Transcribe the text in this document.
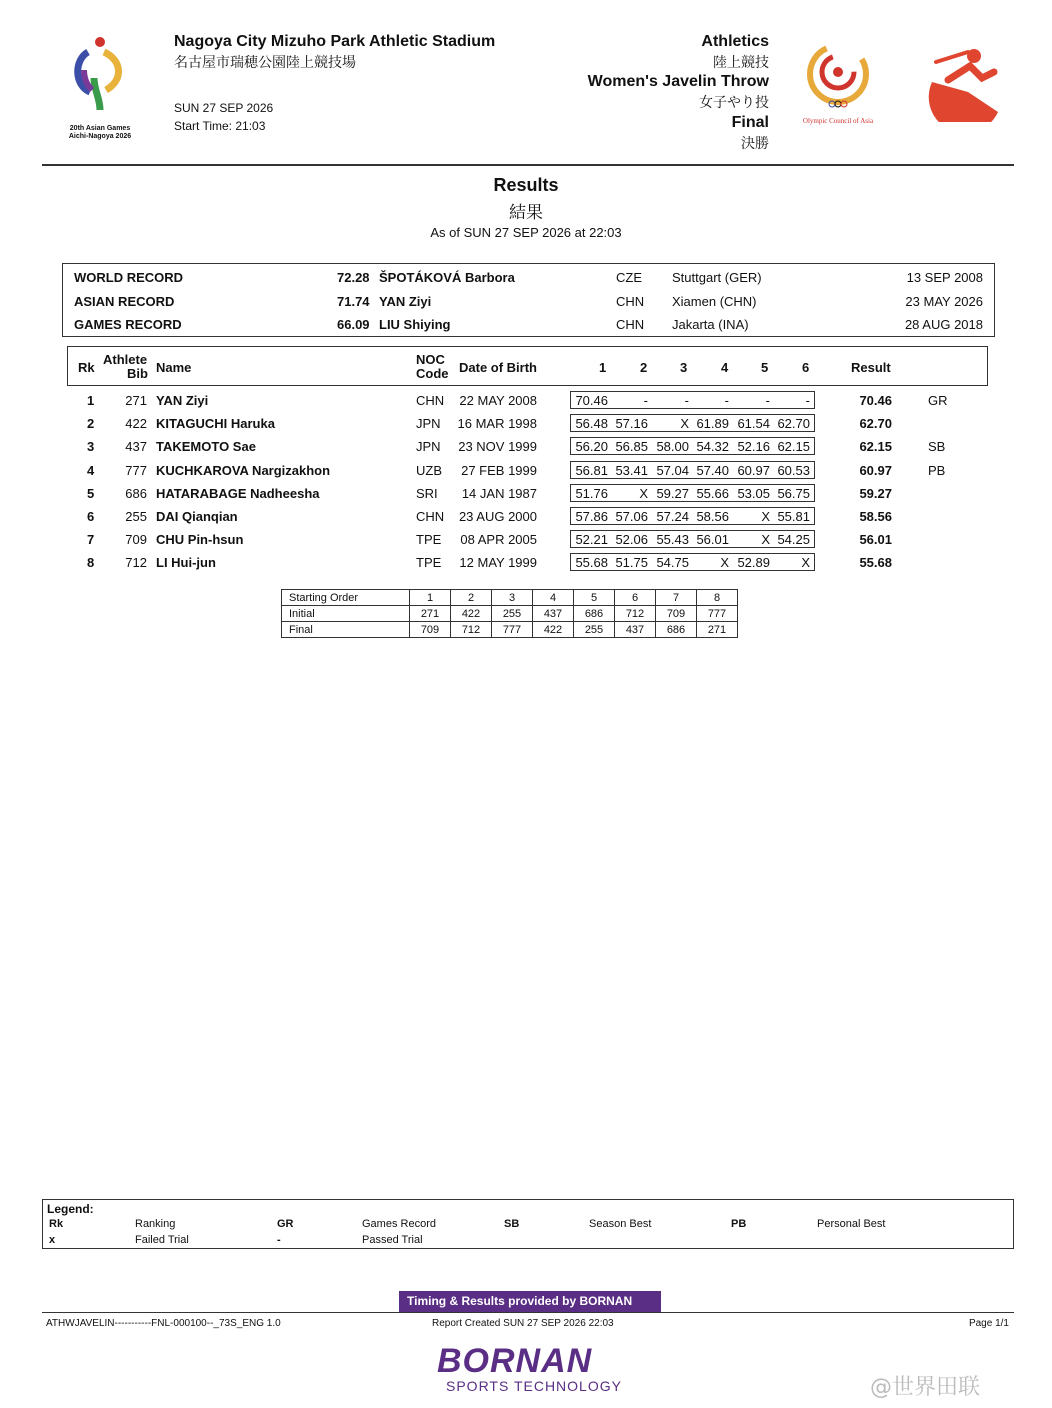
20th Asian Games Aichi-Nagoya 2026
Nagoya City Mizuho Park Athletic Stadium
名古屋市瑞穂公園陸上競技場
SUN 27 SEP 2026
Start Time: 21:03
Athletics
陸上競技
Women's Javelin Throw
女子やり投
Final
決勝
Olympic Council of Asia
Results
結果
As of SUN 27 SEP 2026 at 22:03
WORLD RECORD	72.28 ŠPOTÁKOVÁ Barbora	CZE Stuttgart (GER)	13 SEP 2008
ASIAN RECORD	71.74 YAN Ziyi	CHN Xiamen (CHN)	23 MAY 2026
GAMES RECORD	66.09 LIU Shiying	CHN Jakarta (INA)	28 AUG 2018
Rk
Athlete
Bib Name
NOC
Code Date of Birth	1	2	3	4	5	6	Result
1 271 YAN Ziyi	CHN 22 MAY 2008	70.46	-	-	-	-	-	70.46	GR
2 422 KITAGUCHI Haruka	JPN 16 MAR 1998	56.48 57.16 X 61.89 61.54 62.70	62.70
3 437 TAKEMOTO Sae	JPN 23 NOV 1999	56.20 56.85 58.00 54.32 52.16 62.15	62.15	SB
4 777 KUCHKAROVA Nargizakhon	UZB 27 FEB 1999	56.81 53.41 57.04 57.40 60.97 60.53	60.97	PB
5 686 HATARABAGE Nadheesha	SRI 14 JAN 1987	51.76 X 59.27 55.66 53.05 56.75	59.27
6 255 DAI Qianqian	CHN 23 AUG 2000	57.86 57.06 57.24 58.56 X 55.81	58.56
7 709 CHU Pin-hsun	TPE 08 APR 2005	52.21 52.06 55.43 56.01 X 54.25	56.01
8 712 LI Hui-jun	TPE 12 MAY 1999	55.68 51.75 54.75 X 52.89 X	55.68
Starting Order	1	2	3	4	5	6	7	8
Initial	271	422	255	437	686	712	709	777
Final	709	712	777	422	255	437	686	271
Legend:
Rk	Ranking	GR	Games Record	SB	Season Best	PB	Personal Best
x	Failed Trial	-	Passed Trial
Timing & Results provided by BORNAN
ATHWJAVELIN-----------FNL-000100--_73S_ENG 1.0	Report Created SUN 27 SEP 2026 22:03	Page 1/1
BORNAN
SPORTS TECHNOLOGY	@世界田联
